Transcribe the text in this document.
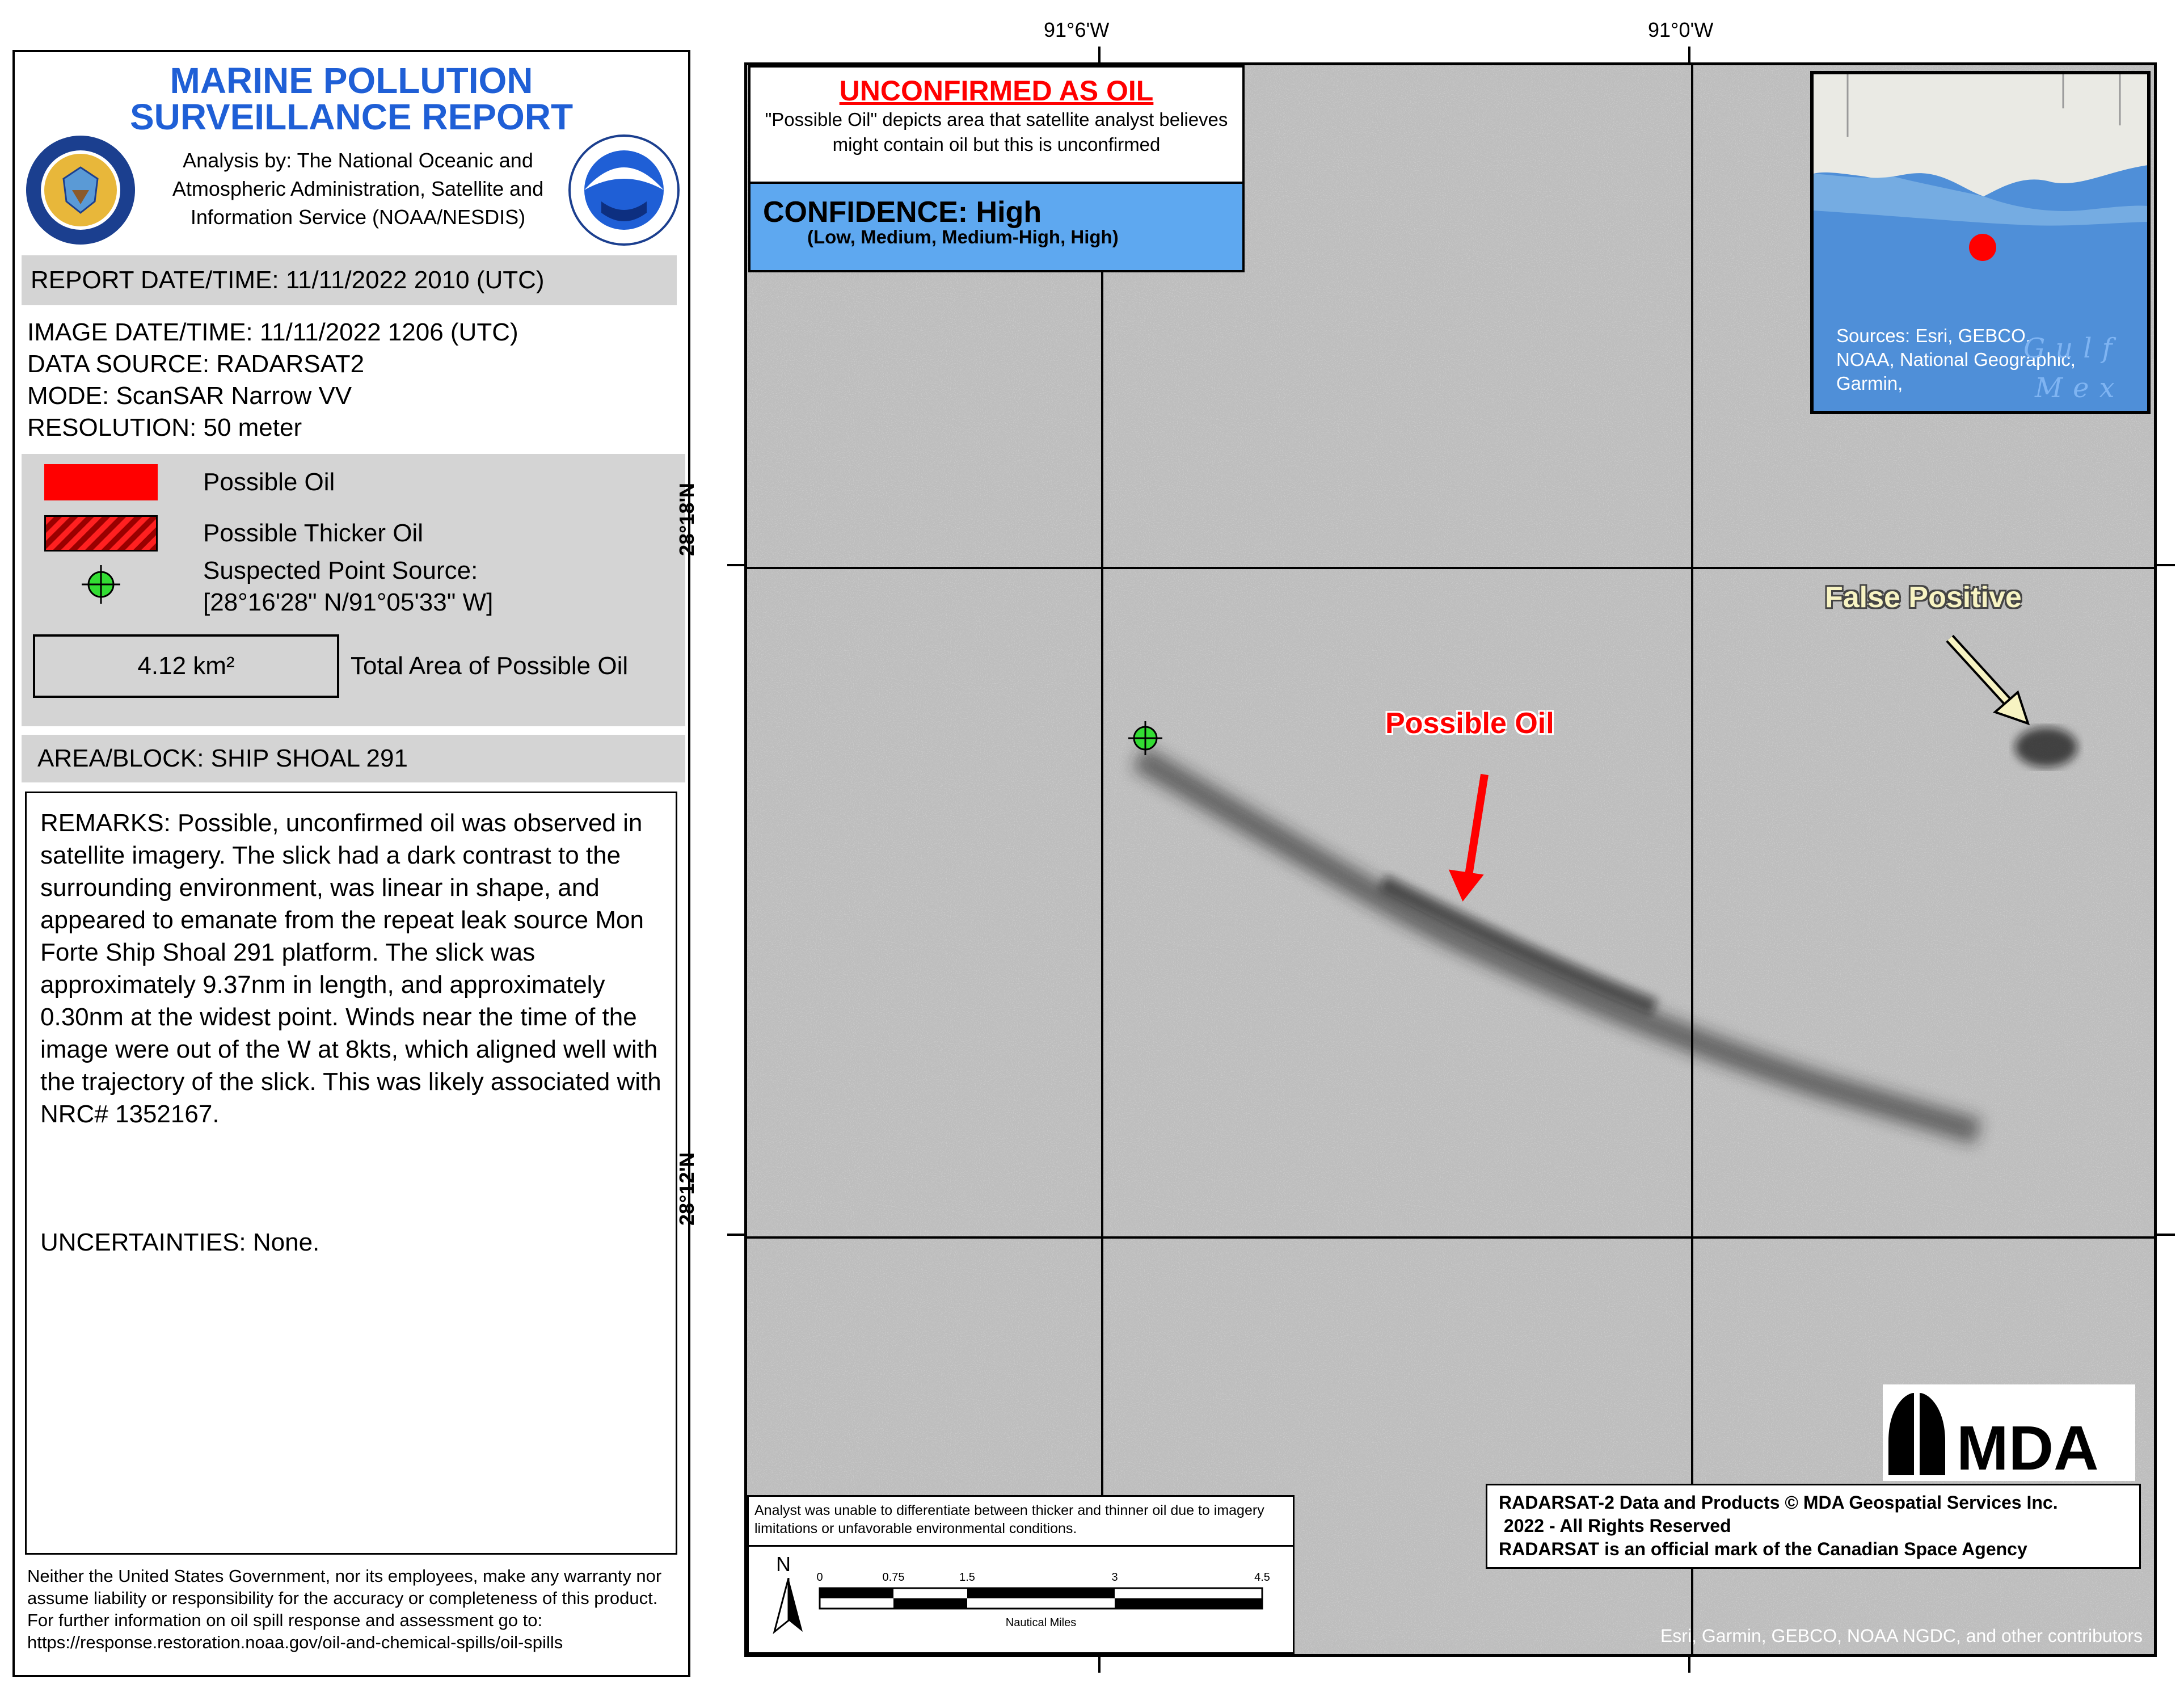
MARINE POLLUTION
SURVEILLANCE REPORT
Analysis by: The National Oceanic and Atmospheric Administration, Satellite and Information Service (NOAA/NESDIS)
REPORT DATE/TIME: 11/11/2022 2010 (UTC)
IMAGE DATE/TIME: 11/11/2022 1206 (UTC)
DATA SOURCE: RADARSAT2
MODE: ScanSAR Narrow VV
RESOLUTION: 50 meter
Possible Oil
Possible Thicker Oil
Suspected Point Source:
[28°16'28" N/91°05'33" W]
4.12 km²	Total Area of Possible Oil
AREA/BLOCK: SHIP SHOAL 291
REMARKS: Possible, unconfirmed oil was observed in satellite imagery. The slick had a dark contrast to the surrounding environment, was linear in shape, and appeared to emanate from the repeat leak source Mon Forte Ship Shoal 291 platform. The slick was approximately 9.37nm in length, and approximately 0.30nm at the widest point. Winds near the time of the image were out of the W at 8kts, which aligned well with the trajectory of the slick. This was likely associated with NRC# 1352167.
UNCERTAINTIES: None.
Neither the United States Government, nor its employees, make any warranty nor assume liability or responsibility for the accuracy or completeness of this product.
For further information on oil spill response and assessment go to:
https://response.restoration.noaa.gov/oil-and-chemical-spills/oil-spills
UNCONFIRMED AS OIL
"Possible Oil" depicts area that satellite analyst believes might contain oil but this is unconfirmed
CONFIDENCE: High
(Low, Medium, Medium-High, High)
Sources: Esri, GEBCO, NOAA, National Geographic, Garmin,
Gulf
Mex
Possible Oil
False Positive
MDA
Analyst was unable to differentiate between thicker and thinner oil due to imagery limitations or unfavorable environmental conditions.
N
0	0.75	1.5	3	4.5
Nautical Miles
RADARSAT-2 Data and Products © MDA Geospatial Services Inc.
2022 - All Rights Reserved
RADARSAT is an official mark of the Canadian Space Agency
Esri, Garmin, GEBCO, NOAA NGDC, and other contributors
91°6'W	91°0'W
28°18'N
28°12'N
